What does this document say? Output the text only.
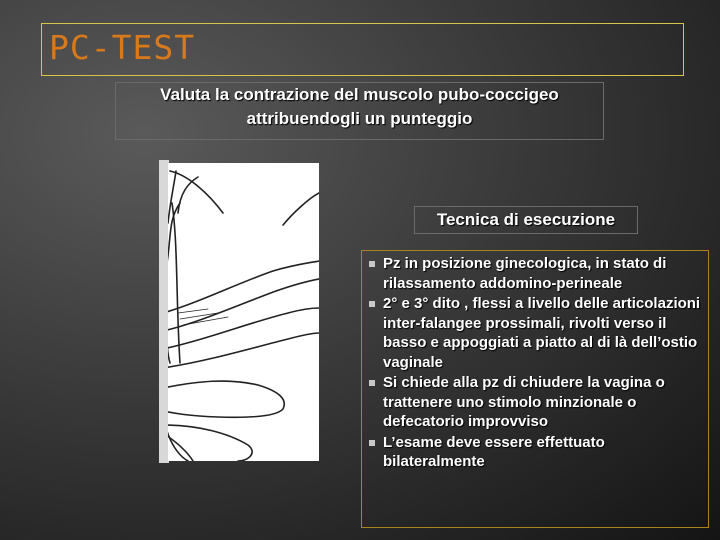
PC-TEST
Valuta la contrazione del muscolo pubo-coccigeo
attribuendogli un punteggio
Tecnica di esecuzione
Pz in posizione ginecologica, in stato di rilassamento addomino-perineale
2° e 3° dito , flessi a livello delle articolazioni inter-falangee prossimali, rivolti verso il basso e appoggiati a piatto al di là dell’ostio vaginale
Si chiede alla pz di chiudere la vagina o trattenere uno stimolo minzionale o defecatorio improvviso
L’esame deve essere effettuato bilateralmente
